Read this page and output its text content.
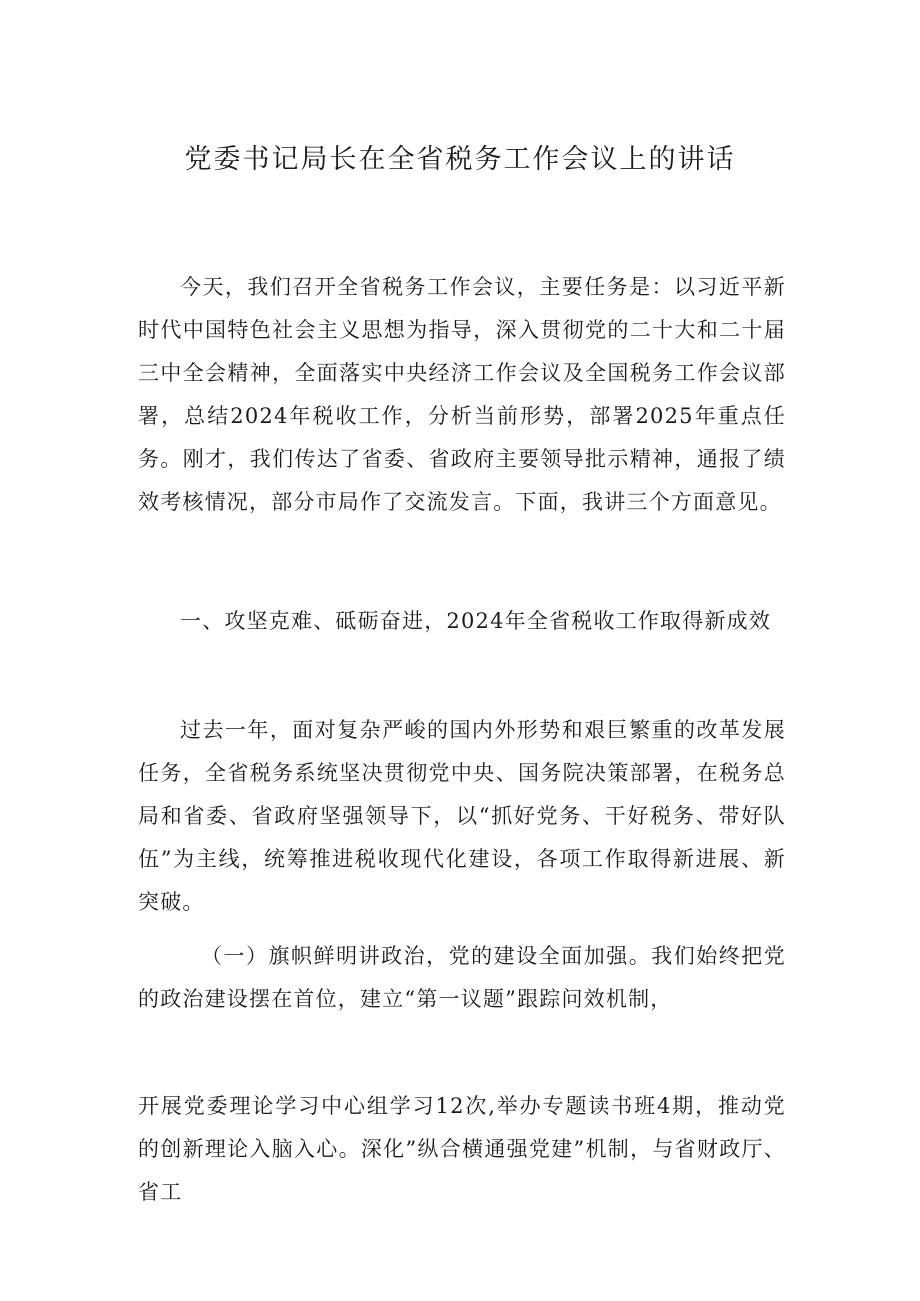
党委书记局长在全省税务工作会议上的讲话
今天，我们召开全省税务工作会议，主要任务是：以习近平新时代中国特色社会主义思想为指导，深入贯彻党的二十大和二十届三中全会精神，全面落实中央经济工作会议及全国税务工作会议部署，总结2024年税收工作，分析当前形势，部署2025年重点任务。刚才，我们传达了省委、省政府主要领导批示精神，通报了绩效考核情况，部分市局作了交流发言。下面，我讲三个方面意见。
一、攻坚克难、砥砺奋进，2024年全省税收工作取得新成效
过去一年，面对复杂严峻的国内外形势和艰巨繁重的改革发展任务，全省税务系统坚决贯彻党中央、国务院决策部署，在税务总局和省委、省政府坚强领导下，以“抓好党务、干好税务、带好队伍”为主线，统筹推进税收现代化建设，各项工作取得新进展、新突破。
（一）旗帜鲜明讲政治，党的建设全面加强。我们始终把党的政治建设摆在首位，建立“第一议题”跟踪问效机制，
开展党委理论学习中心组学习12次,举办专题读书班4期，推动党的创新理论入脑入心。深化”纵合横通强党建”机制，与省财政厅、省工
